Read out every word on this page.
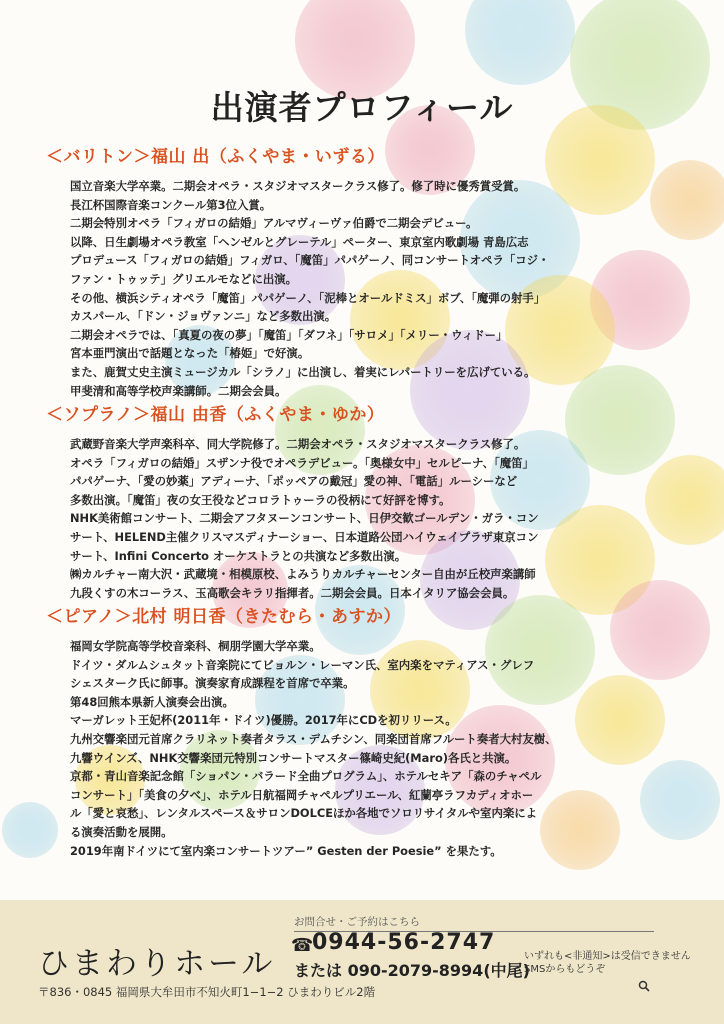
出演者プロフィール
＜バリトン＞福山 出（ふくやま・いずる）
国立音楽大学卒業。二期会オペラ・スタジオマスタークラス修了。修了時に優秀賞受賞。
長江杯国際音楽コンクール第3位入賞。
二期会特別オペラ「フィガロの結婚」アルマヴィーヴァ伯爵で二期会デビュー。
以降、日生劇場オペラ教室「ヘンゼルとグレーテル」ペーター、東京室内歌劇場 青島広志
プロデュース「フィガロの結婚」フィガロ、「魔笛」パパゲーノ、同コンサートオペラ「コジ・
ファン・トゥッテ」グリエルモなどに出演。
その他、横浜シティオペラ「魔笛」パパゲーノ、「泥棒とオールドミス」ボブ、「魔弾の射手」
カスパール、「ドン・ジョヴァンニ」など多数出演。
二期会オペラでは、「真夏の夜の夢」「魔笛」「ダフネ」「サロメ」「メリー・ウィドー」
宮本亜門演出で話題となった「椿姫」で好演。
また、鹿賀丈史主演ミュージカル「シラノ」に出演し、着実にレパートリーを広げている。
甲斐清和高等学校声楽講師。二期会会員。
＜ソプラノ＞福山 由香（ふくやま・ゆか）
武蔵野音楽大学声楽科卒、同大学院修了。二期会オペラ・スタジオマスタークラス修了。
オペラ「フィガロの結婚」スザンナ役でオペラデビュー。「奥様女中」セルピーナ、「魔笛」
パパゲーナ、「愛の妙薬」アディーナ、「ポッペアの戴冠」愛の神、「電話」ルーシーなど
多数出演。「魔笛」夜の女王役などコロラトゥーラの役柄にて好評を博す。
NHK美術館コンサート、二期会アフタヌーンコンサート、日伊交歓ゴールデン・ガラ・コン
サート、HELEND主催クリスマスディナーショー、日本道路公団ハイウェイプラザ東京コン
サート、Infini Concerto オーケストラとの共演など多数出演。
㈱カルチャー南大沢・武蔵境・相模原校、よみうりカルチャーセンター自由が丘校声楽講師
九段くすの木コーラス、玉高歌会キラリ指揮者。二期会会員。日本イタリア協会会員。
＜ピアノ＞北村 明日香（きたむら・あすか）
福岡女学院高等学校音楽科、桐朋学園大学卒業。
ドイツ・ダルムシュタット音楽院にてビョルン・レーマン氏、室内楽をマティアス・グレフ
シェスターク氏に師事。演奏家育成課程を首席で卒業。
第48回熊本県新人演奏会出演。
マーガレット王妃杯(2011年・ドイツ)優勝。2017年にCDを初リリース。
九州交響楽団元首席クラリネット奏者タラス・デムチシン、同楽団首席フルート奏者大村友樹、
九響ウインズ、NHK交響楽団元特別コンサートマスター篠崎史紀(Maro)各氏と共演。
京都・青山音楽記念館「ショパン・バラード全曲プログラム」、ホテルセキア「森のチャペル
コンサート」「美食の夕べ」、ホテル日航福岡チャペルプリエール、紅蘭亭ラフカディオホー
ル「愛と哀愁」、レンタルスペース＆サロンDOLCEほか各地でソロリサイタルや室内楽によ
る演奏活動を展開。
2019年南ドイツにて室内楽コンサートツアー” Gesten der Poesie” を果たす。
ひまわりホール
〒836・0845 福岡県大牟田市不知火町1−1−2 ひまわりビル2階
お問合せ・ご予約はこちら
☎
0944-56-2747
または 090-2079-8994(中尾)
いずれも<非通知>は受信できません
SMSからもどうぞ
